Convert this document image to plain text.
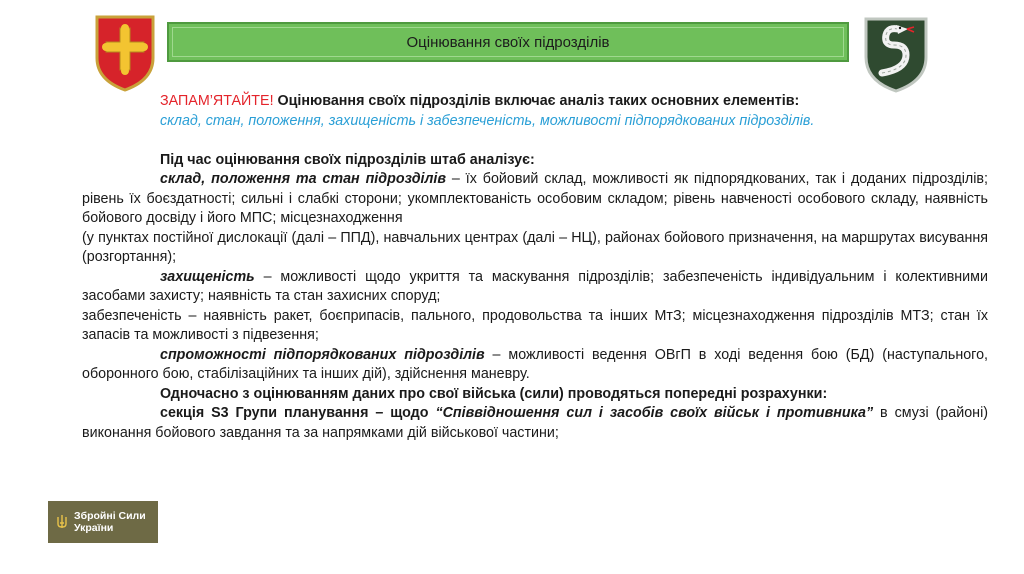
Оцінювання своїх підрозділів

ЗАПАМ’ЯТАЙТЕ! Оцінювання своїх підрозділів включає аналіз таких основних елементів:

склад, стан, положення, захищеність і забезпеченість, можливості підпорядкованих підрозділів.

Під час оцінювання своїх підрозділів штаб аналізує:

склад, положення та стан підрозділів – їх бойовий склад, можливості як підпорядкованих, так і доданих підрозділів; рівень їх боєздатності; сильні і слабкі сторони; укомплектованість особовим складом; рівень навченості особового складу, наявність бойового досвіду і його МПС; місцезнаходження

(у пунктах постійної дислокації (далі – ППД), навчальних центрах (далі – НЦ), районах бойового призначення, на маршрутах висування (розгортання);

захищеність – можливості щодо укриття та маскування підрозділів; забезпеченість індивідуальним і колективними засобами захисту; наявність та стан захисних споруд;

забезпеченість – наявність ракет, боєприпасів, пального, продовольства та інших МтЗ; місцезнаходження підрозділів МТЗ; стан їх запасів та можливості з підвезення;

спроможності підпорядкованих підрозділів – можливості ведення ОВгП в ході ведення бою (БД) (наступального, оборонного бою, стабілізаційних та інших дій), здійснення маневру.

Одночасно з оцінюванням даних про свої війська (сили) проводяться попередні розрахунки:

секція S3 Групи планування – щодо “Співвідношення сил і засобів своїх військ і противника” в смузі (районі) виконання бойового завдання та за напрямками дій військової частини;

Збройні Сили
України
